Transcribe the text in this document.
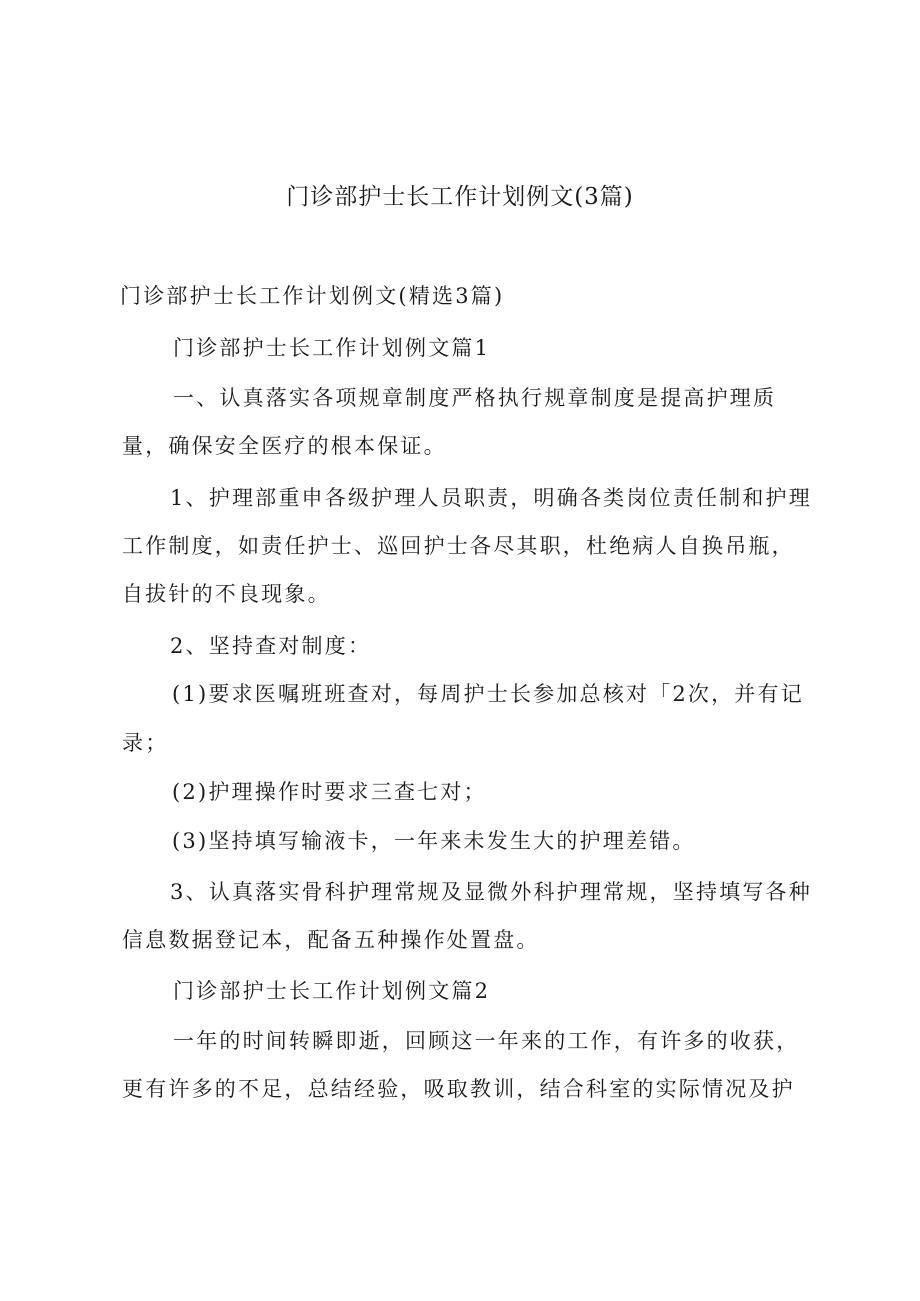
门诊部护士长工作计划例文(3篇)
门诊部护士长工作计划例文(精选3篇)
门诊部护士长工作计划例文篇1
一、认真落实各项规章制度严格执行规章制度是提高护理质
量，确保安全医疗的根本保证。
1、护理部重申各级护理人员职责，明确各类岗位责任制和护理
工作制度，如责任护士、巡回护士各尽其职，杜绝病人自换吊瓶，
自拔针的不良现象。
2、坚持查对制度：
(1)要求医嘱班班查对，每周护士长参加总核对「2次，并有记
录；
(2)护理操作时要求三查七对；
(3)坚持填写输液卡，一年来未发生大的护理差错。
3、认真落实骨科护理常规及显微外科护理常规，坚持填写各种
信息数据登记本，配备五种操作处置盘。
门诊部护士长工作计划例文篇2
一年的时间转瞬即逝，回顾这一年来的工作，有许多的收获，
更有许多的不足，总结经验，吸取教训，结合科室的实际情况及护
